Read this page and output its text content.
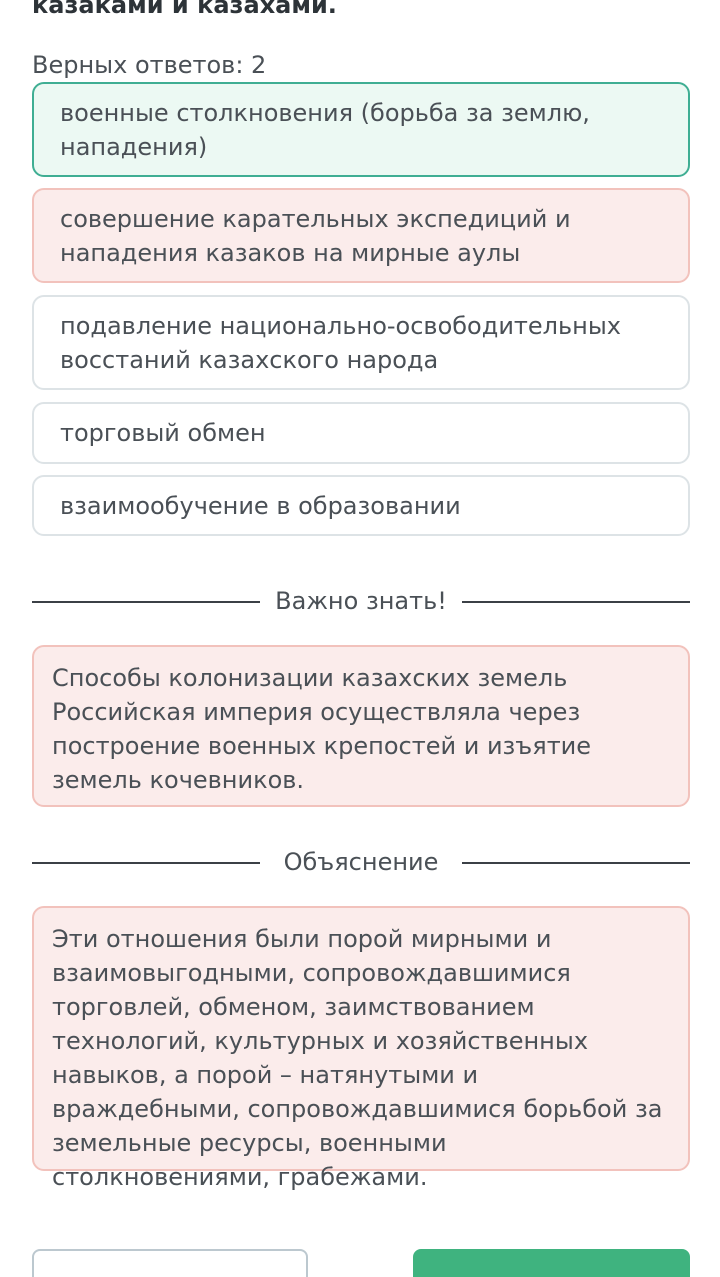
казаками и казахами.
Верных ответов: 2
военные столкновения (борьба за землю, нападения)
совершение карательных экспедиций и нападения казаков на мирные аулы
подавление национально-освободительных восстаний казахского народа
торговый обмен
взаимообучение в образовании
Важно знать!
Способы колонизации казахских земель Российская империя осуществляла через построение военных крепостей и изъятие земель кочевников.
Объяснение
Эти отношения были порой мирными и взаимовыгодными, сопровождавшимися торговлей, обменом, заимствованием технологий, культурных и хозяйственных навыков, а порой – натянутыми и враждебными, сопровождавшимися борьбой за земельные ресурсы, военными столкновениями, грабежами.
